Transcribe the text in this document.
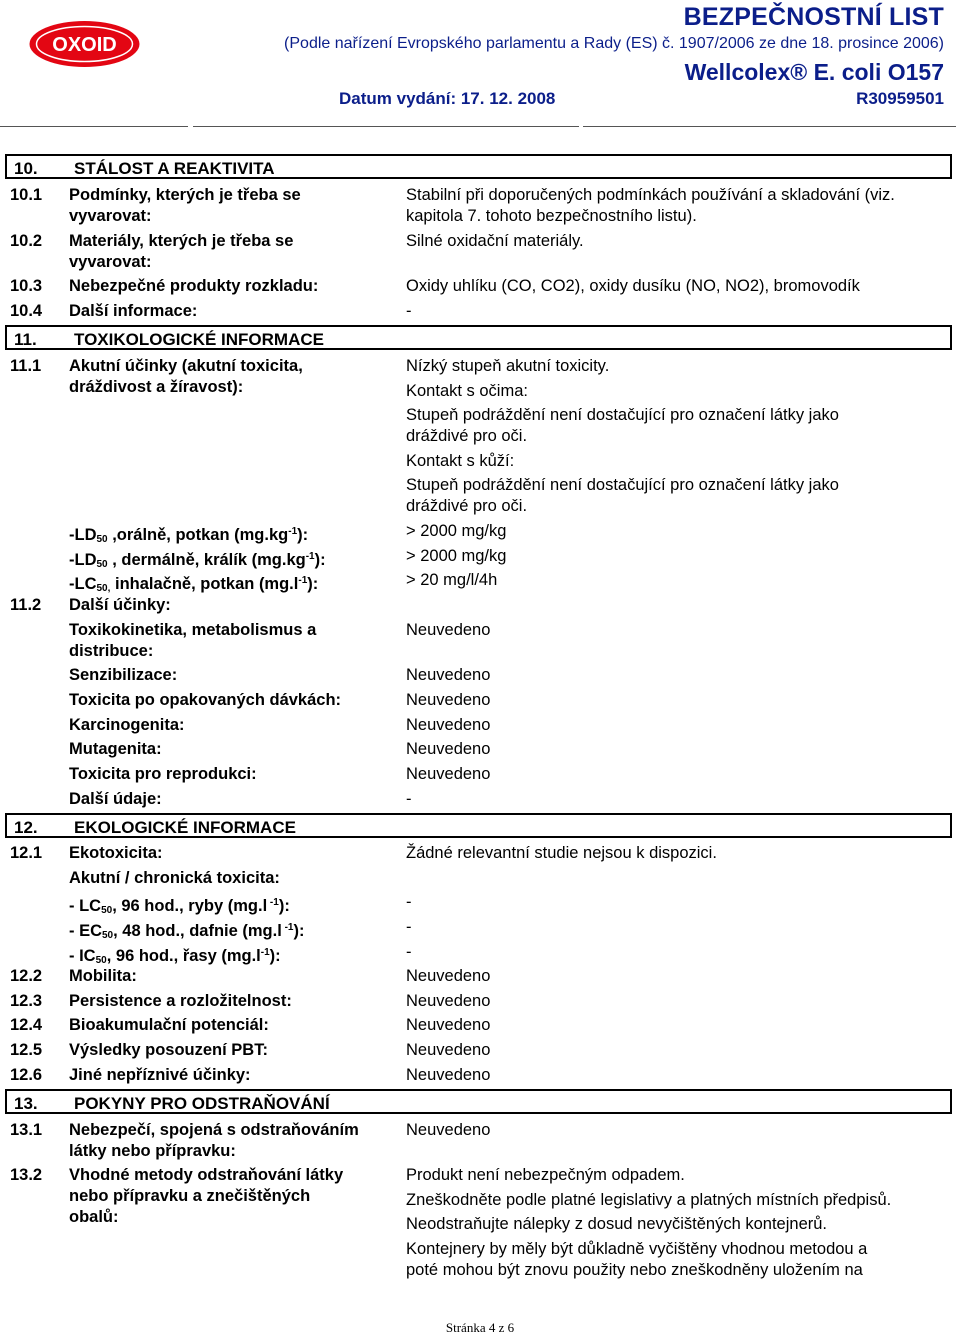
OXOID
BEZPEČNOSTNÍ LIST
(Podle nařízení Evropského parlamentu a Rady (ES) č. 1907/2006 ze dne 18. prosince 2006)
Wellcolex® E. coli O157
Datum vydání: 17. 12. 2008	R30959501
10. STÁLOST A REAKTIVITA
10.1 Podmínky, kterých je třeba se
vyvarovat:
Stabilní při doporučených podmínkách používání a skladování (viz.
kapitola 7. tohoto bezpečnostního listu).
10.2 Materiály, kterých je třeba se
vyvarovat:
Silné oxidační materiály.
10.3 Nebezpečné produkty rozkladu:	Oxidy uhlíku (CO, CO2), oxidy dusíku (NO, NO2), bromovodík
10.4 Další informace:	-
11. TOXIKOLOGICKÉ INFORMACE
11.1 Akutní účinky (akutní toxicita,
dráždivost a žíravost):
Nízký stupeň akutní toxicity.
Kontakt s očima:
Stupeň podráždění není dostačující pro označení látky jako
dráždivé pro oči.
Kontakt s kůží:
Stupeň podráždění není dostačující pro označení látky jako
dráždivé pro oči.
$-LD_{50}$ ,orálně, potkan $(mg.kg^{-1})$:	> 2000 mg/kg
$-LD_{50}$ , dermálně, králík $(mg.kg^{-1})$:	> 2000 mg/kg
$-LC_{50,}$ inhalačně, potkan $(mg.l^{-1})$:	> 20 mg/l/4h
11.2 Další účinky:
Toxikokinetika, metabolismus a
distribuce:
Neuvedeno
Senzibilizace:	Neuvedeno
Toxicita po opakovaných dávkách:	Neuvedeno
Karcinogenita:	Neuvedeno
Mutagenita:	Neuvedeno
Toxicita pro reprodukci:	Neuvedeno
Další údaje:	-
12. EKOLOGICKÉ INFORMACE
12.1 Ekotoxicita:	Žádné relevantní studie nejsou k dispozici.
Akutní / chronická toxicita:
- $LC_{50}$, 96 hod., ryby (mg.l $^{-1}$):	-
- $EC_{50}$, 48 hod., dafnie (mg.l $^{-1}$):	-
- $IC_{50}$, 96 hod., řasy $(mg.l^{-1})$:	-
12.2 Mobilita:	Neuvedeno
12.3 Persistence a rozložitelnost:	Neuvedeno
12.4 Bioakumulační potenciál:	Neuvedeno
12.5 Výsledky posouzení PBT:	Neuvedeno
12.6 Jiné nepříznivé účinky:	Neuvedeno
13. POKYNY PRO ODSTRAŇOVÁNÍ
13.1 Nebezpečí, spojená s odstraňováním
látky nebo přípravku:
Neuvedeno
13.2 Vhodné metody odstraňování látky
nebo přípravku a znečištěných
obalů:
Produkt není nebezpečným odpadem.
Zneškodněte podle platné legislativy a platných místních předpisů.
Neodstraňujte nálepky z dosud nevyčištěných kontejnerů.
Kontejnery by měly být důkladně vyčištěny vhodnou metodou a
poté mohou být znovu použity nebo zneškodněny uložením na
Stránka 4 z 6
